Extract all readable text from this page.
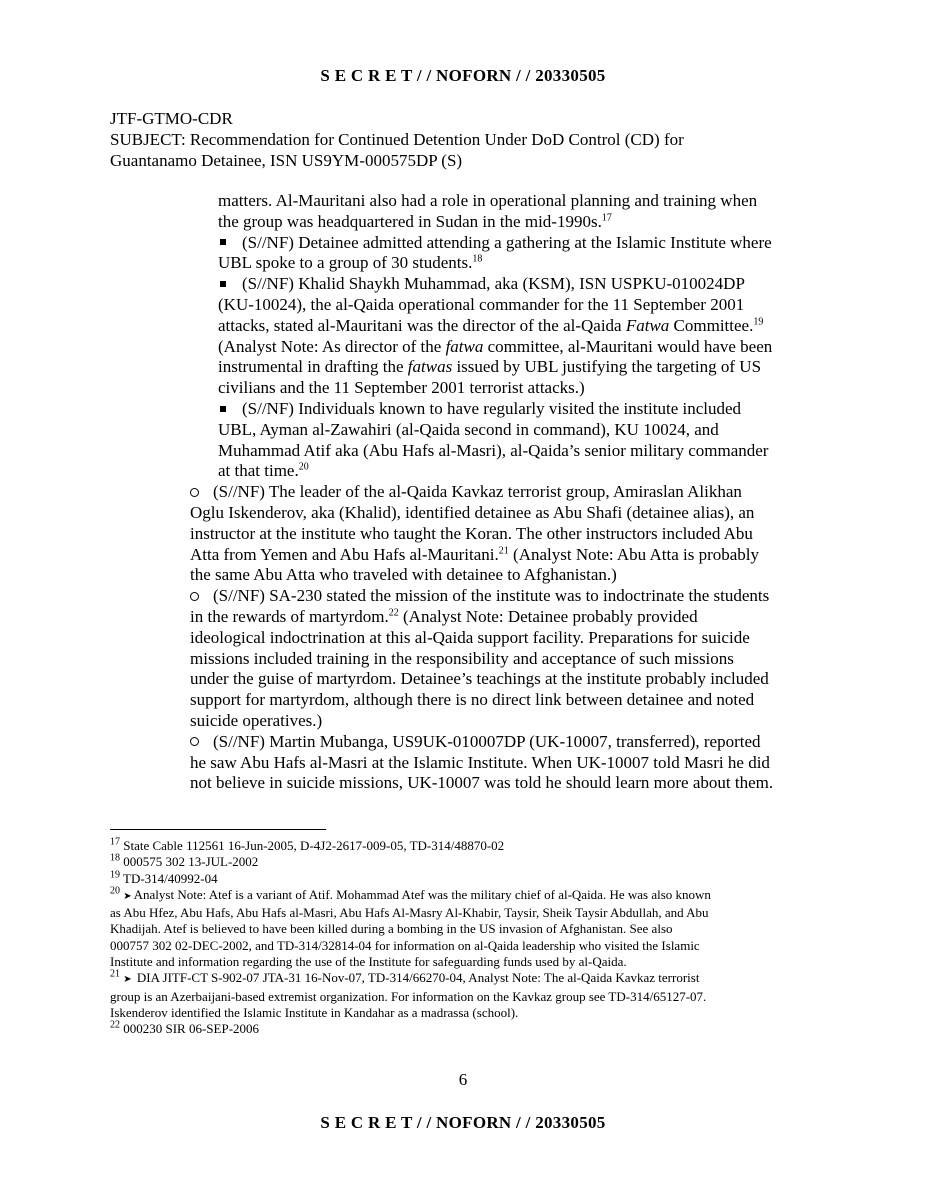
S E C R E T / / NOFORN / / 20330505
JTF-GTMO-CDR
SUBJECT: Recommendation for Continued Detention Under DoD Control (CD) for
Guantanamo Detainee, ISN US9YM-000575DP (S)
matters. Al-Mauritani also had a role in operational planning and training when
the group was headquartered in Sudan in the mid-1990s.$^{17}$
(S//NF) Detainee admitted attending a gathering at the Islamic Institute where
UBL spoke to a group of 30 students.$^{18}$
(S//NF) Khalid Shaykh Muhammad, aka (KSM), ISN USPKU-010024DP
(KU-10024), the al-Qaida operational commander for the 11 September 2001
attacks, stated al-Mauritani was the director of the al-Qaida Fatwa Committee.$^{19}$
(Analyst Note: As director of the fatwa committee, al-Mauritani would have been
instrumental in drafting the fatwas issued by UBL justifying the targeting of US
civilians and the 11 September 2001 terrorist attacks.)
(S//NF) Individuals known to have regularly visited the institute included
UBL, Ayman al-Zawahiri (al-Qaida second in command), KU 10024, and
Muhammad Atif aka (Abu Hafs al-Masri), al-Qaida’s senior military commander
at that time.$^{20}$
(S//NF) The leader of the al-Qaida Kavkaz terrorist group, Amiraslan Alikhan
Oglu Iskenderov, aka (Khalid), identified detainee as Abu Shafi (detainee alias), an
instructor at the institute who taught the Koran. The other instructors included Abu
Atta from Yemen and Abu Hafs al-Mauritani.$^{21}$ (Analyst Note: Abu Atta is probably
the same Abu Atta who traveled with detainee to Afghanistan.)
(S//NF) SA-230 stated the mission of the institute was to indoctrinate the students
in the rewards of martyrdom.$^{22}$ (Analyst Note: Detainee probably provided
ideological indoctrination at this al-Qaida support facility. Preparations for suicide
missions included training in the responsibility and acceptance of such missions
under the guise of martyrdom. Detainee’s teachings at the institute probably included
support for martyrdom, although there is no direct link between detainee and noted
suicide operatives.)
(S//NF) Martin Mubanga, US9UK-010007DP (UK-10007, transferred), reported
he saw Abu Hafs al-Masri at the Islamic Institute. When UK-10007 told Masri he did
not believe in suicide missions, UK-10007 was told he should learn more about them.
$^{17}$ State Cable 112561 16-Jun-2005, D-4J2-2617-009-05, TD-314/48870-02
$^{18}$ 000575 302 13-JUL-2002
$^{19}$ TD-314/40992-04
$^{20}$ ➤ Analyst Note: Atef is a variant of Atif. Mohammad Atef was the military chief of al-Qaida. He was also known
as Abu Hfez, Abu Hafs, Abu Hafs al-Masri, Abu Hafs Al-Masry Al-Khabir, Taysir, Sheik Taysir Abdullah, and Abu
Khadijah. Atef is believed to have been killed during a bombing in the US invasion of Afghanistan. See also
000757 302 02-DEC-2002, and TD-314/32814-04 for information on al-Qaida leadership who visited the Islamic
Institute and information regarding the use of the Institute for safeguarding funds used by al-Qaida.
$^{21}$ ➤ DIA JITF-CT S-902-07 JTA-31 16-Nov-07, TD-314/66270-04, Analyst Note: The al-Qaida Kavkaz terrorist
group is an Azerbaijani-based extremist organization. For information on the Kavkaz group see TD-314/65127-07.
Iskenderov identified the Islamic Institute in Kandahar as a madrassa (school).
$^{22}$ 000230 SIR 06-SEP-2006
6
S E C R E T / / NOFORN / / 20330505
